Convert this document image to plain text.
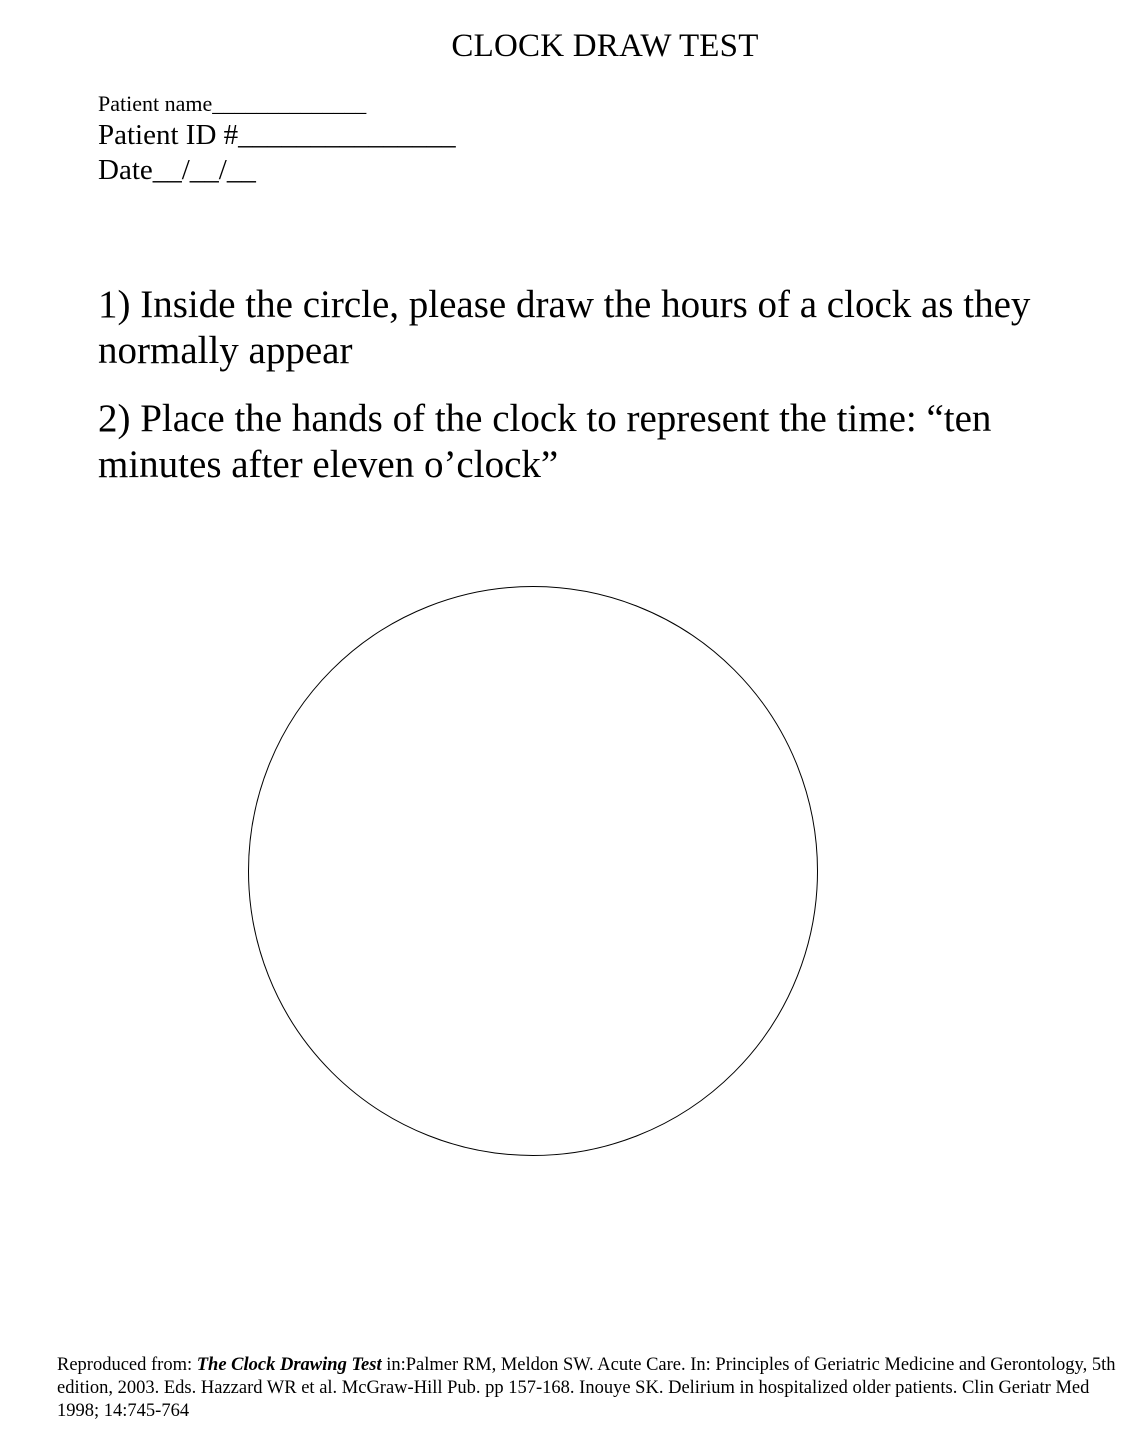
CLOCK DRAW TEST
Patient name______________
Patient ID #_______________
Date__/__/__

1) Inside the circle, please draw the hours of a clock as they normally appear

2) Place the hands of the clock to represent the time: “ten minutes after eleven o’clock”

Reproduced from: The Clock Drawing Test in:Palmer RM, Meldon SW. Acute Care. In: Principles of Geriatric Medicine and Gerontology, 5th edition, 2003. Eds. Hazzard WR et al. McGraw-Hill Pub. pp 157-168. Inouye SK. Delirium in hospitalized older patients. Clin Geriatr Med 1998; 14:745-764
